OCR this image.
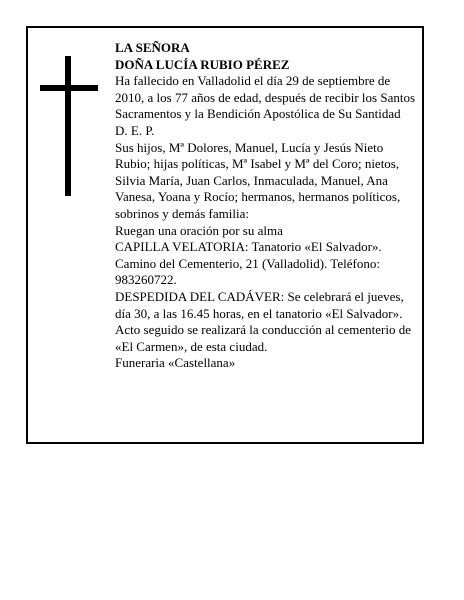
LA SEÑORA

DOÑA LUCÍA RUBIO PÉREZ

Ha fallecido en Valladolid el día 29 de septiembre de 2010, a los 77 años de edad, después de recibir los Santos Sacramentos y la Bendición Apostólica de Su Santidad

D. E. P.

Sus hijos, Mª Dolores, Manuel, Lucía y Jesús Nieto Rubio; hijas políticas, Mª Isabel y Mª del Coro; nietos, Silvia María, Juan Carlos, Inmaculada, Manuel, Ana Vanesa, Yoana y Rocío; hermanos, hermanos políticos, sobrinos y demás familia:

Ruegan una oración por su alma

CAPILLA VELATORIA: Tanatorio «El Salvador». Camino del Cementerio, 21 (Valladolid). Teléfono: 983260722.

DESPEDIDA DEL CADÁVER: Se celebrará el jueves, día 30, a las 16.45 horas, en el tanatorio «El Salvador». Acto seguido se realizará la conducción al cementerio de «El Carmen», de esta ciudad.

Funeraria «Castellana»
